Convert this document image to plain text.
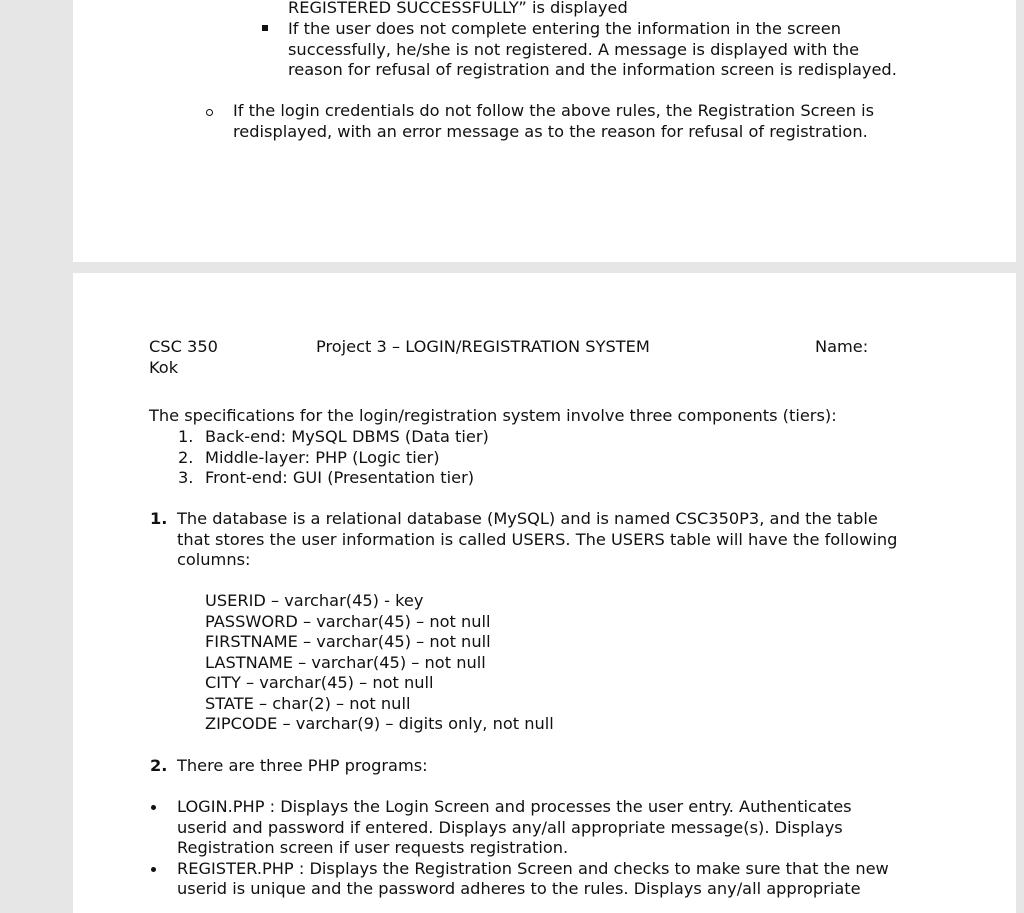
REGISTERED SUCCESSFULLY” is displayed
If the user does not complete entering the information in the screen
successfully, he/she is not registered. A message is displayed with the
reason for refusal of registration and the information screen is redisplayed.
If the login credentials do not follow the above rules, the Registration Screen is
redisplayed, with an error message as to the reason for refusal of registration.
CSC 350	Project 3 – LOGIN/REGISTRATION SYSTEM	Name:
Kok
The specifications for the login/registration system involve three components (tiers):
1. Back-end: MySQL DBMS (Data tier)
2. Middle-layer: PHP (Logic tier)
3. Front-end: GUI (Presentation tier)
1. The database is a relational database (MySQL) and is named CSC350P3, and the table
that stores the user information is called USERS. The USERS table will have the following
columns:
USERID – varchar(45) - key
PASSWORD – varchar(45) – not null
FIRSTNAME – varchar(45) – not null
LASTNAME – varchar(45) – not null
CITY – varchar(45) – not null
STATE – char(2) – not null
ZIPCODE – varchar(9) – digits only, not null
2. There are three PHP programs:
LOGIN.PHP : Displays the Login Screen and processes the user entry. Authenticates
userid and password if entered. Displays any/all appropriate message(s). Displays
Registration screen if user requests registration.
REGISTER.PHP : Displays the Registration Screen and checks to make sure that the new
userid is unique and the password adheres to the rules. Displays any/all appropriate
